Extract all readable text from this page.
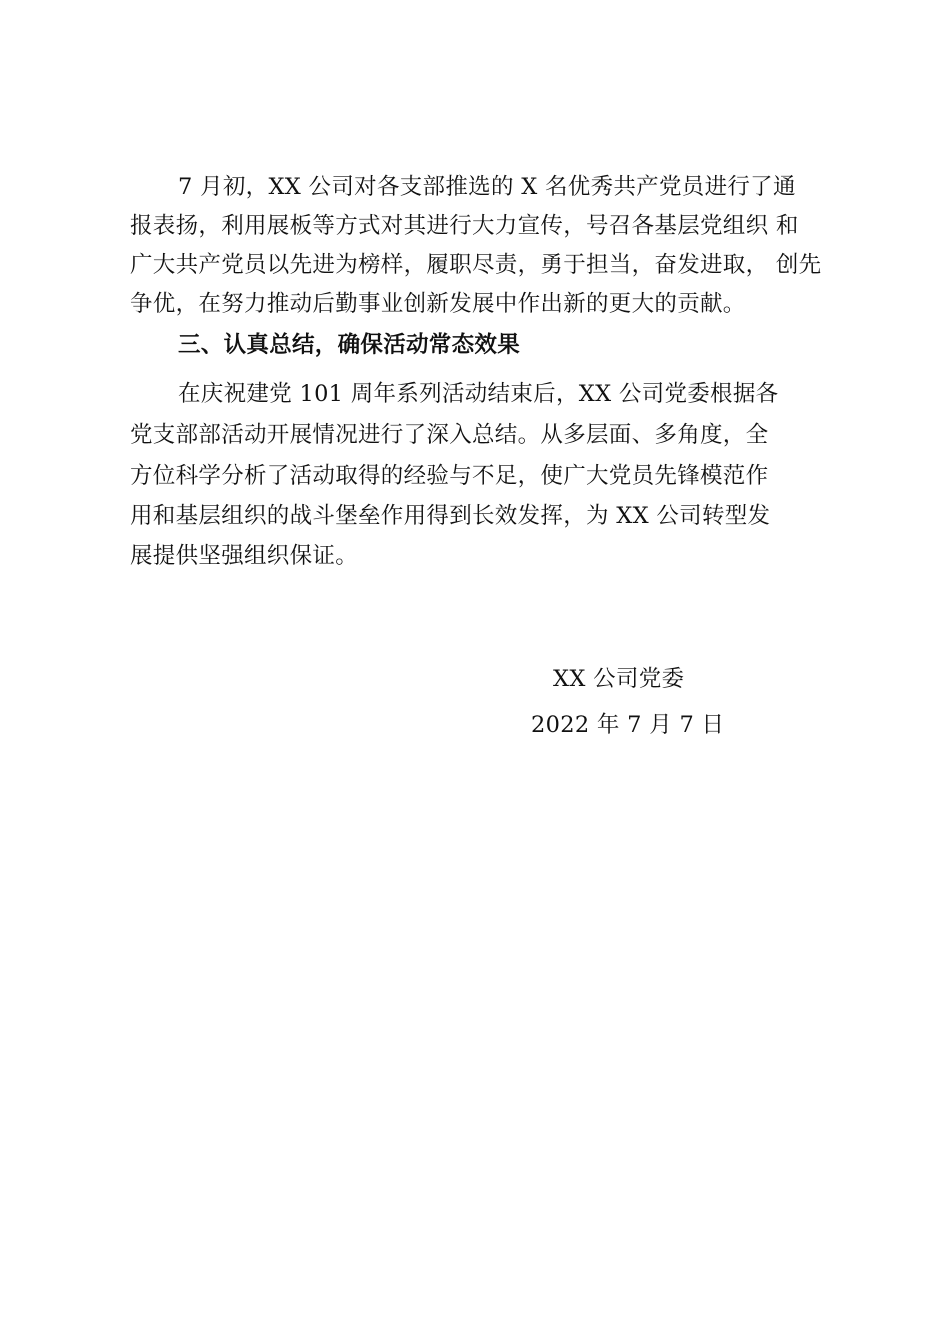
7 月初，XX 公司对各支部推选的 X 名优秀共产党员进行了通
报表扬，利用展板等方式对其进行大力宣传，号召各基层党组织 和
广大共产党员以先进为榜样，履职尽责，勇于担当，奋发进取， 创先
争优，在努力推动后勤事业创新发展中作出新的更大的贡献。
三、认真总结，确保活动常态效果
在庆祝建党 101 周年系列活动结束后，XX 公司党委根据各
党支部部活动开展情况进行了深入总结。从多层面、多角度，全
方位科学分析了活动取得的经验与不足，使广大党员先锋模范作
用和基层组织的战斗堡垒作用得到长效发挥，为 XX 公司转型发
展提供坚强组织保证。
XX 公司党委
2022 年 7 月 7 日
